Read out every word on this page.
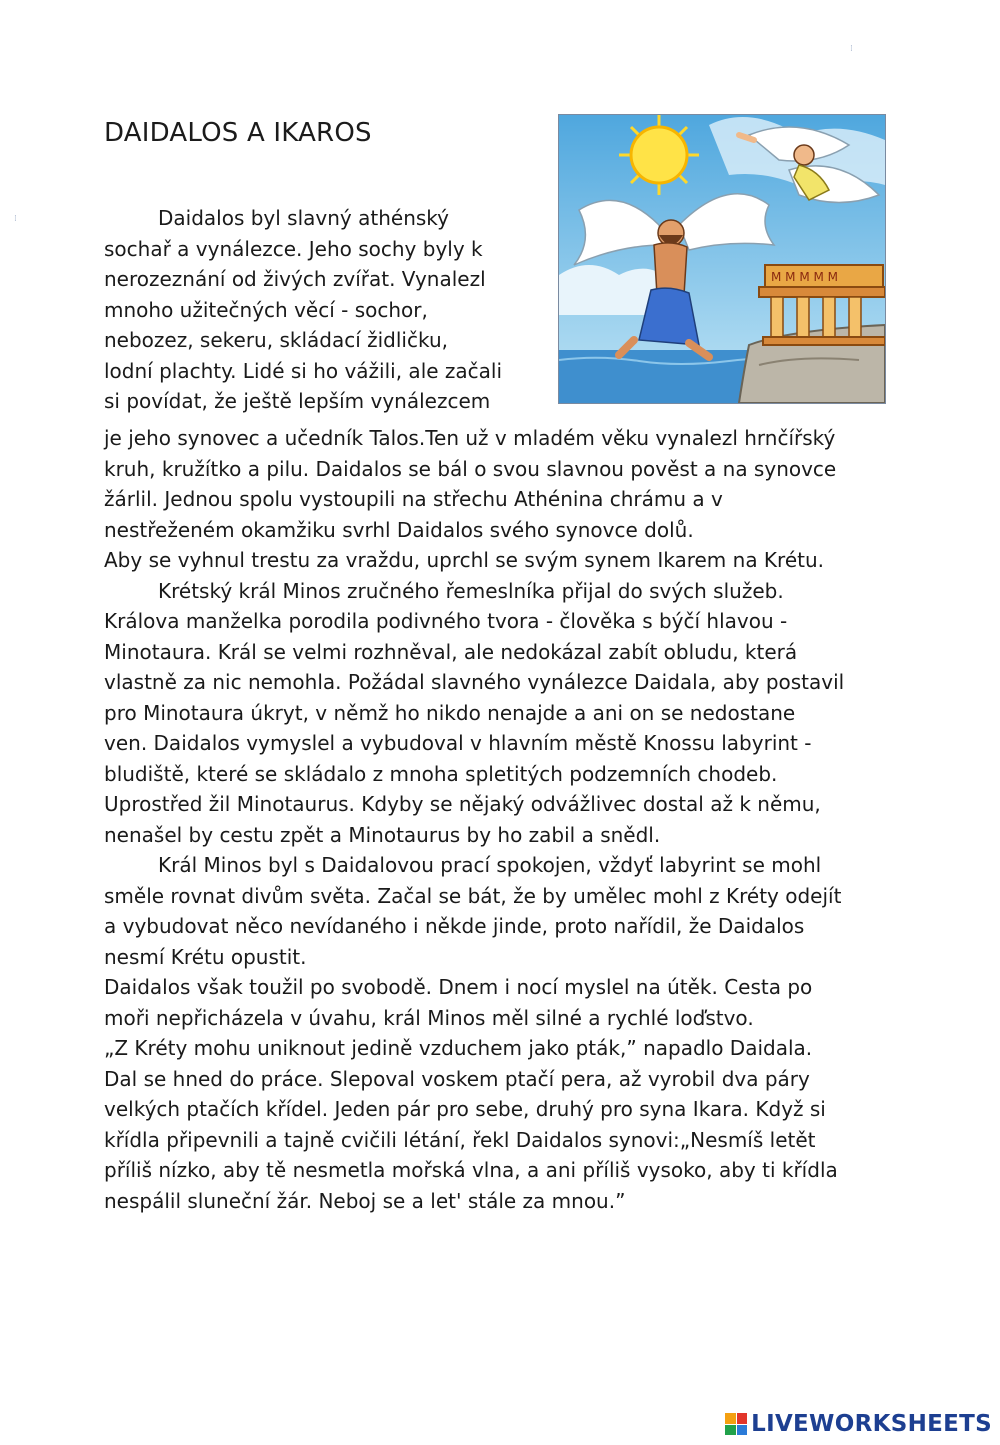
⁞
⁞
DAIDALOS A IKAROS
M M M M M
Daidalos byl slavný athénský
sochař a vynálezce. Jeho sochy byly k
nerozeznání od živých zvířat. Vynalezl
mnoho užitečných věcí - sochor,
nebozez, sekeru, skládací židličku,
lodní plachty. Lidé si ho vážili, ale začali
si povídat, že ještě lepším vynálezcem
je jeho synovec a učedník Talos.Ten už v mladém věku vynalezl hrnčířský
kruh, kružítko a pilu. Daidalos se bál o svou slavnou pověst a na synovce
žárlil. Jednou spolu vystoupili na střechu Athénina chrámu a v
nestřeženém okamžiku svrhl Daidalos svého synovce dolů.
Aby se vyhnul trestu za vraždu, uprchl se svým synem Ikarem na Krétu.
Krétský král Minos zručného řemeslníka přijal do svých služeb.
Králova manželka porodila podivného tvora - člověka s býčí hlavou -
Minotaura. Král se velmi rozhněval, ale nedokázal zabít obludu, která
vlastně za nic nemohla. Požádal slavného vynálezce Daidala, aby postavil
pro Minotaura úkryt, v němž ho nikdo nenajde a ani on se nedostane
ven. Daidalos vymyslel a vybudoval v hlavním městě Knossu labyrint -
bludiště, které se skládalo z mnoha spletitých podzemních chodeb.
Uprostřed žil Minotaurus. Kdyby se nějaký odvážlivec dostal až k němu,
nenašel by cestu zpět a Minotaurus by ho zabil a snědl.
Král Minos byl s Daidalovou prací spokojen, vždyť labyrint se mohl
směle rovnat divům světa. Začal se bát, že by umělec mohl z Kréty odejít
a vybudovat něco nevídaného i někde jinde, proto nařídil, že Daidalos
nesmí Krétu opustit.
Daidalos však toužil po svobodě. Dnem i nocí myslel na útěk. Cesta po
moři nepřicházela v úvahu, král Minos měl silné a rychlé loďstvo.
„Z Kréty mohu uniknout jedině vzduchem jako pták,” napadlo Daidala.
Dal se hned do práce. Slepoval voskem ptačí pera, až vyrobil dva páry
velkých ptačích křídel. Jeden pár pro sebe, druhý pro syna Ikara. Když si
křídla připevnili a tajně cvičili létání, řekl Daidalos synovi:„Nesmíš letět
příliš nízko, aby tě nesmetla mořská vlna, a ani příliš vysoko, aby ti křídla
nespálil sluneční žár. Neboj se a let' stále za mnou.”
LIVEWORKSHEETS
